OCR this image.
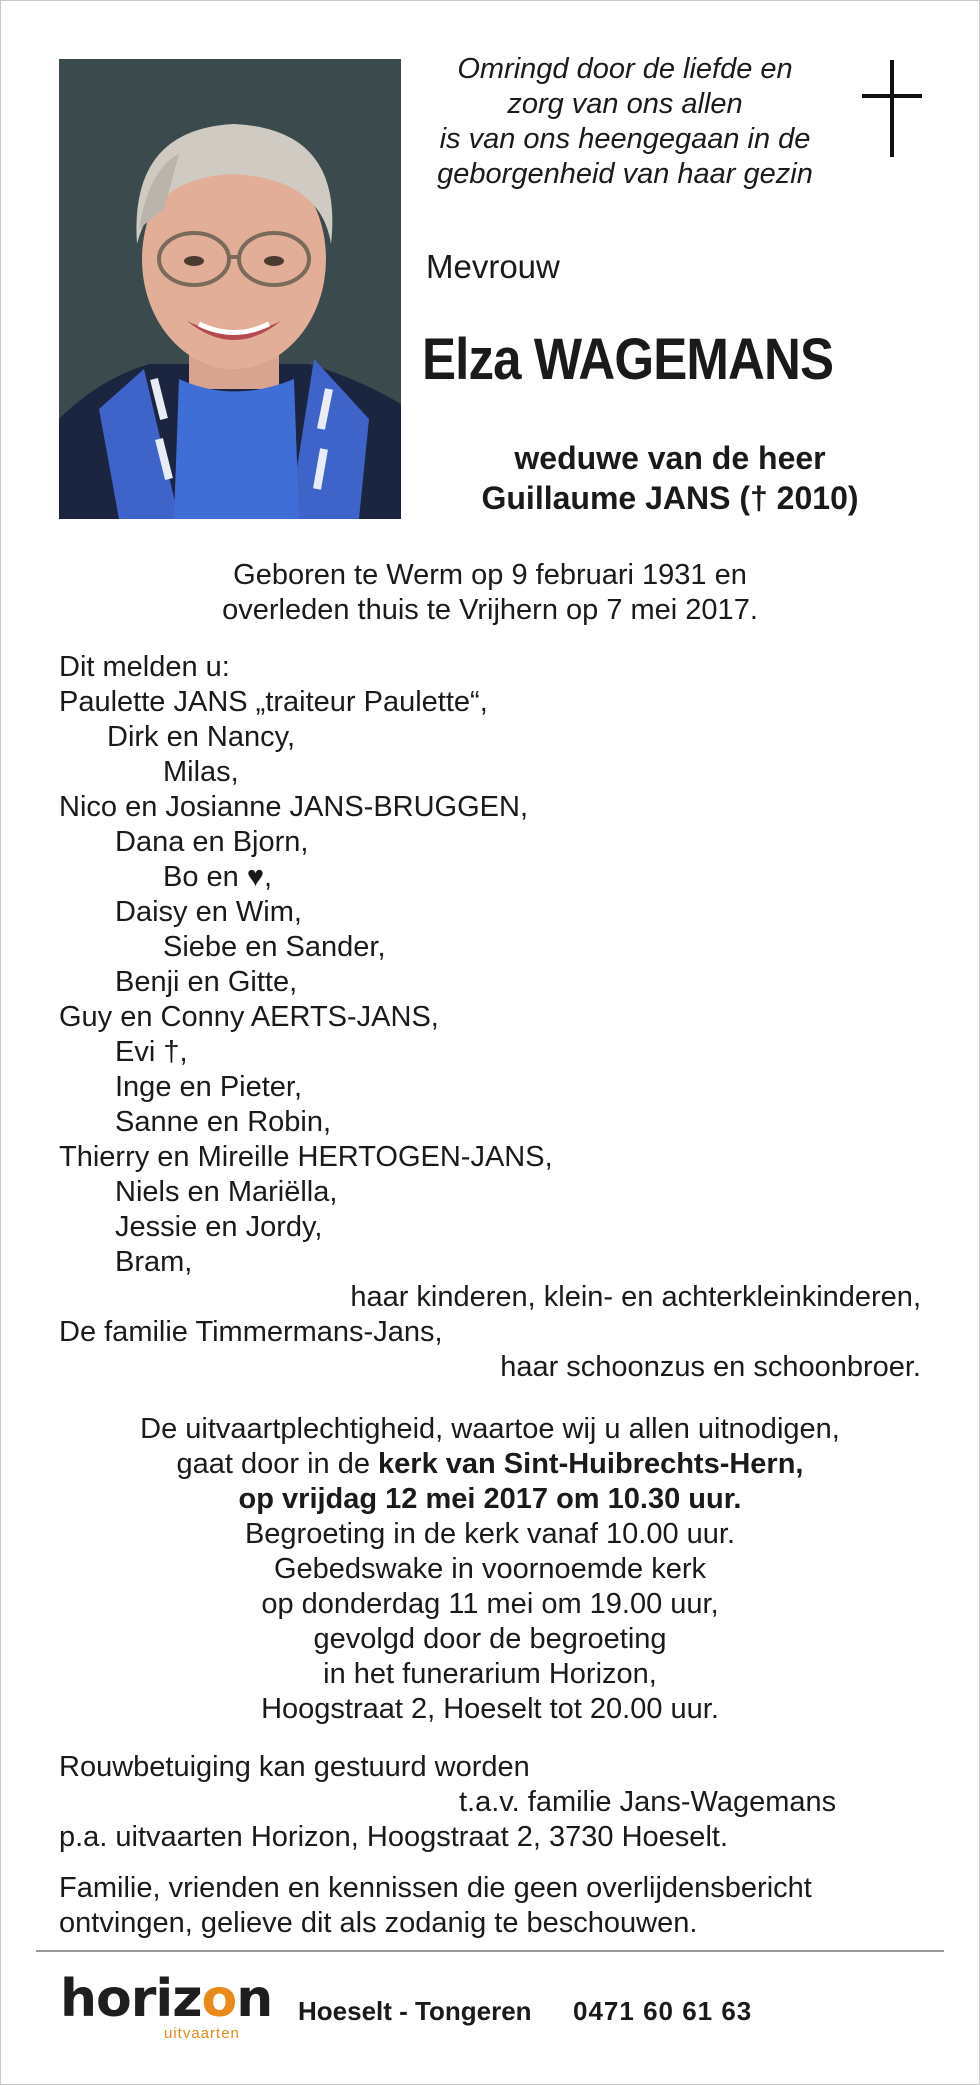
Omringd door de liefde en
zorg van ons allen
is van ons heengegaan in de
geborgenheid van haar gezin
Mevrouw
Elza WAGEMANS
weduwe van de heer
Guillaume JANS († 2010)
Geboren te Werm op 9 februari 1931 en
overleden thuis te Vrijhern op 7 mei 2017.
Dit melden u:
Paulette JANS „traiteur Paulette“,
Dirk en Nancy,
Milas,
Nico en Josianne JANS-BRUGGEN,
Dana en Bjorn,
Bo en ♥,
Daisy en Wim,
Siebe en Sander,
Benji en Gitte,
Guy en Conny AERTS-JANS,
Evi †,
Inge en Pieter,
Sanne en Robin,
Thierry en Mireille HERTOGEN-JANS,
Niels en Mariëlla,
Jessie en Jordy,
Bram,
haar kinderen, klein- en achterkleinkinderen,
De familie Timmermans-Jans,
haar schoonzus en schoonbroer.
De uitvaartplechtigheid, waartoe wij u allen uitnodigen,
gaat door in de kerk van Sint-Huibrechts-Hern,
op vrijdag 12 mei 2017 om 10.30 uur.
Begroeting in de kerk vanaf 10.00 uur.
Gebedswake in voornoemde kerk
op donderdag 11 mei om 19.00 uur,
gevolgd door de begroeting
in het funerarium Horizon,
Hoogstraat 2, Hoeselt tot 20.00 uur.
Rouwbetuiging kan gestuurd worden
t.a.v. familie Jans-Wagemans
p.a. uitvaarten Horizon, Hoogstraat 2, 3730 Hoeselt.
Familie, vrienden en kennissen die geen overlijdensbericht
ontvingen, gelieve dit als zodanig te beschouwen.
horizon
uitvaarten
Hoeselt - Tongeren 0471 60 61 63
